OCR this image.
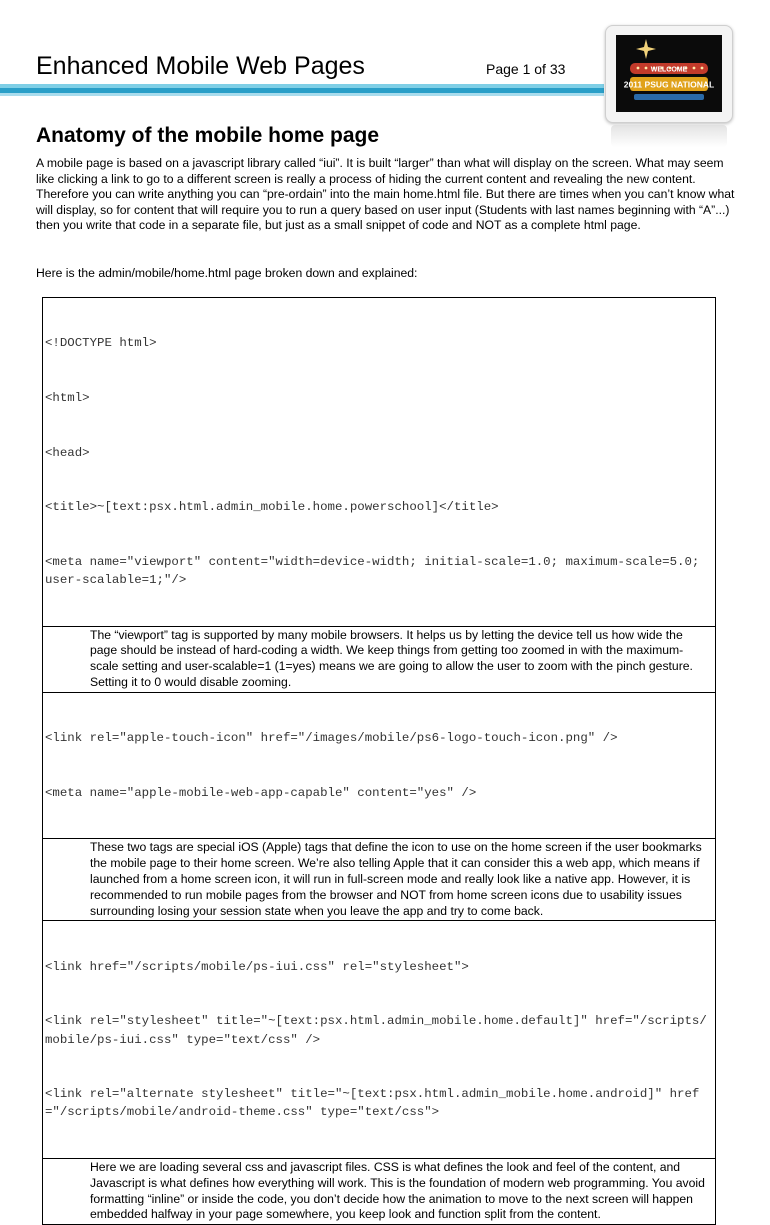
Enhanced Mobile Web Pages	Page 1 of 33	WELCOME
2011 PSUG NATIONAL
Anatomy of the mobile home page

A mobile page is based on a javascript library called “iui”. It is built “larger” than what will display on the screen. What may seem like clicking a link to go to a different screen is really a process of hiding the current content and revealing the new content. Therefore you can write anything you can “pre-ordain” into the main home.html file. But there are times when you can’t know what will display, so for content that will require you to run a query based on user input (Students with last names beginning with “A”...) then you write that code in a separate file, but just as a small snippet of code and NOT as a complete html page.

Here is the admin/mobile/home.html page broken down and explained:

<!DOCTYPE html>

<html>

<head>

<title>~[text:psx.html.admin_mobile.home.powerschool]</title>

<meta name="viewport" content="width=device-width; initial-scale=1.0; maximum-scale=5.0; user-scalable=1;"/>

The “viewport” tag is supported by many mobile browsers. It helps us by letting the device tell us how wide the page should be instead of hard-coding a width. We keep things from getting too zoomed in with the maximum-scale setting and user-scalable=1 (1=yes) means we are going to allow the user to zoom with the pinch gesture. Setting it to 0 would disable zooming.

<link rel="apple-touch-icon" href="/images/mobile/ps6-logo-touch-icon.png" />

<meta name="apple-mobile-web-app-capable" content="yes" />

These two tags are special iOS (Apple) tags that define the icon to use on the home screen if the user bookmarks the mobile page to their home screen. We’re also telling Apple that it can consider this a web app, which means if launched from a home screen icon, it will run in full-screen mode and really look like a native app. However, it is recommended to run mobile pages from the browser and NOT from home screen icons due to usability issues surrounding losing your session state when you leave the app and try to come back.

<link href="/scripts/mobile/ps-iui.css" rel="stylesheet">

<link rel="stylesheet" title="~[text:psx.html.admin_mobile.home.default]" href="/scripts/mobile/ps-iui.css" type="text/css" />

<link rel="alternate stylesheet" title="~[text:psx.html.admin_mobile.home.android]" href="/scripts/mobile/android-theme.css" type="text/css">

Here we are loading several css and javascript files. CSS is what defines the look and feel of the content, and Javascript is what defines how everything will work. This is the foundation of modern web programming. You avoid formatting “inline” or inside the code, you don’t decide how the animation to move to the next screen will happen embedded halfway in your page somewhere, you keep look and function split from the content.
